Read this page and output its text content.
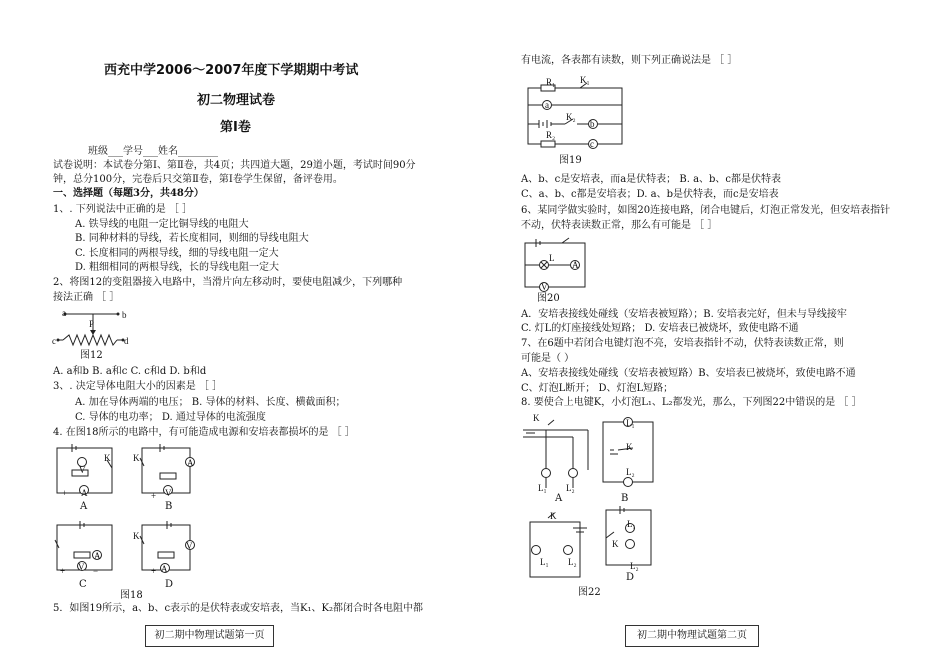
西充中学2006～2007年度下学期期中考试
初二物理试卷
第Ⅰ卷
班级___学号___姓名________
试卷说明：本试卷分第Ⅰ、第Ⅱ卷，共4页；共四道大题，29道小题，考试时间90分
钟，总分100分，完卷后只交第Ⅱ卷，第Ⅰ卷学生保留，备评卷用。
一、选择题（每题3分，共48分）
1、. 下列说法中正确的是 ［ ］
A. 铁导线的电阻一定比铜导线的电阻大
B. 同种材料的导线，若长度相同，则细的导线电阻大
C. 长度相同的两根导线，细的导线电阻一定大
D. 粗细相同的两根导线，长的导线电阻一定大
2、将图12的变阻器接入电路中，当滑片向左移动时，要使电阻减少，下列哪种
接法正确 ［ ］
a	b
c	d
P
图12
A. a和b B. a和c C. c和d D. b和d
3、. 决定导体电阻大小的因素是 ［ ］
A. 加在导体两端的电压； B. 导体的材料、长度、横截面积；
C. 导体的电功率； D. 通过导体的电流强度
4. 在图18所示的电路中，有可能造成电源和安培表都损坏的是 ［ ］
V
A
K
+
A
A
V
K
+
B
V
A
+	−
C
A
V
K
+
D
图18
5．如图19所示，a、b、c表示的是伏特表或安培表，当K₁、K₂都闭合时各电阻中都
初二期中物理试题第一页
有电流，各表都有读数，则下列正确说法是 ［ ］
R₁	K₁
a
K₂
b
R₂
c
图19
A、b、c是安培表，而a是伏特表； B. a、b、c都是伏特表
C、a、b、c都是安培表；D. a、b是伏特表，而c是安培表
6、某同学做实验时，如图20连接电路，闭合电键后，灯泡正常发光，但安培表指针
不动，伏特表读数正常，那么有可能是 ［ ］
L
A
V
图20
A．安培表接线处碰线（安培表被短路）；B. 安培表完好，但未与导线接牢
C. 灯L的灯座接线处短路； D. 安培表已被烧坏，致使电路不通
7、在6题中若闭合电键灯泡不亮，安培表指针不动，伏特表读数正常，则
可能是（ ）
A、安培表接线处碰线（安培表被短路）B、安培表已被烧坏，致使电路不通
C、灯泡L断开； D、灯泡L短路；
8. 要使合上电键K，小灯泡L₁、L₂都发光，那么，下列图22中错误的是 ［ ］
K
L₁ L₂
A
L₁
K
L₂
B
K
L₁ L₂
L₁
K
L₂
D
图22
初二期中物理试题第二页
